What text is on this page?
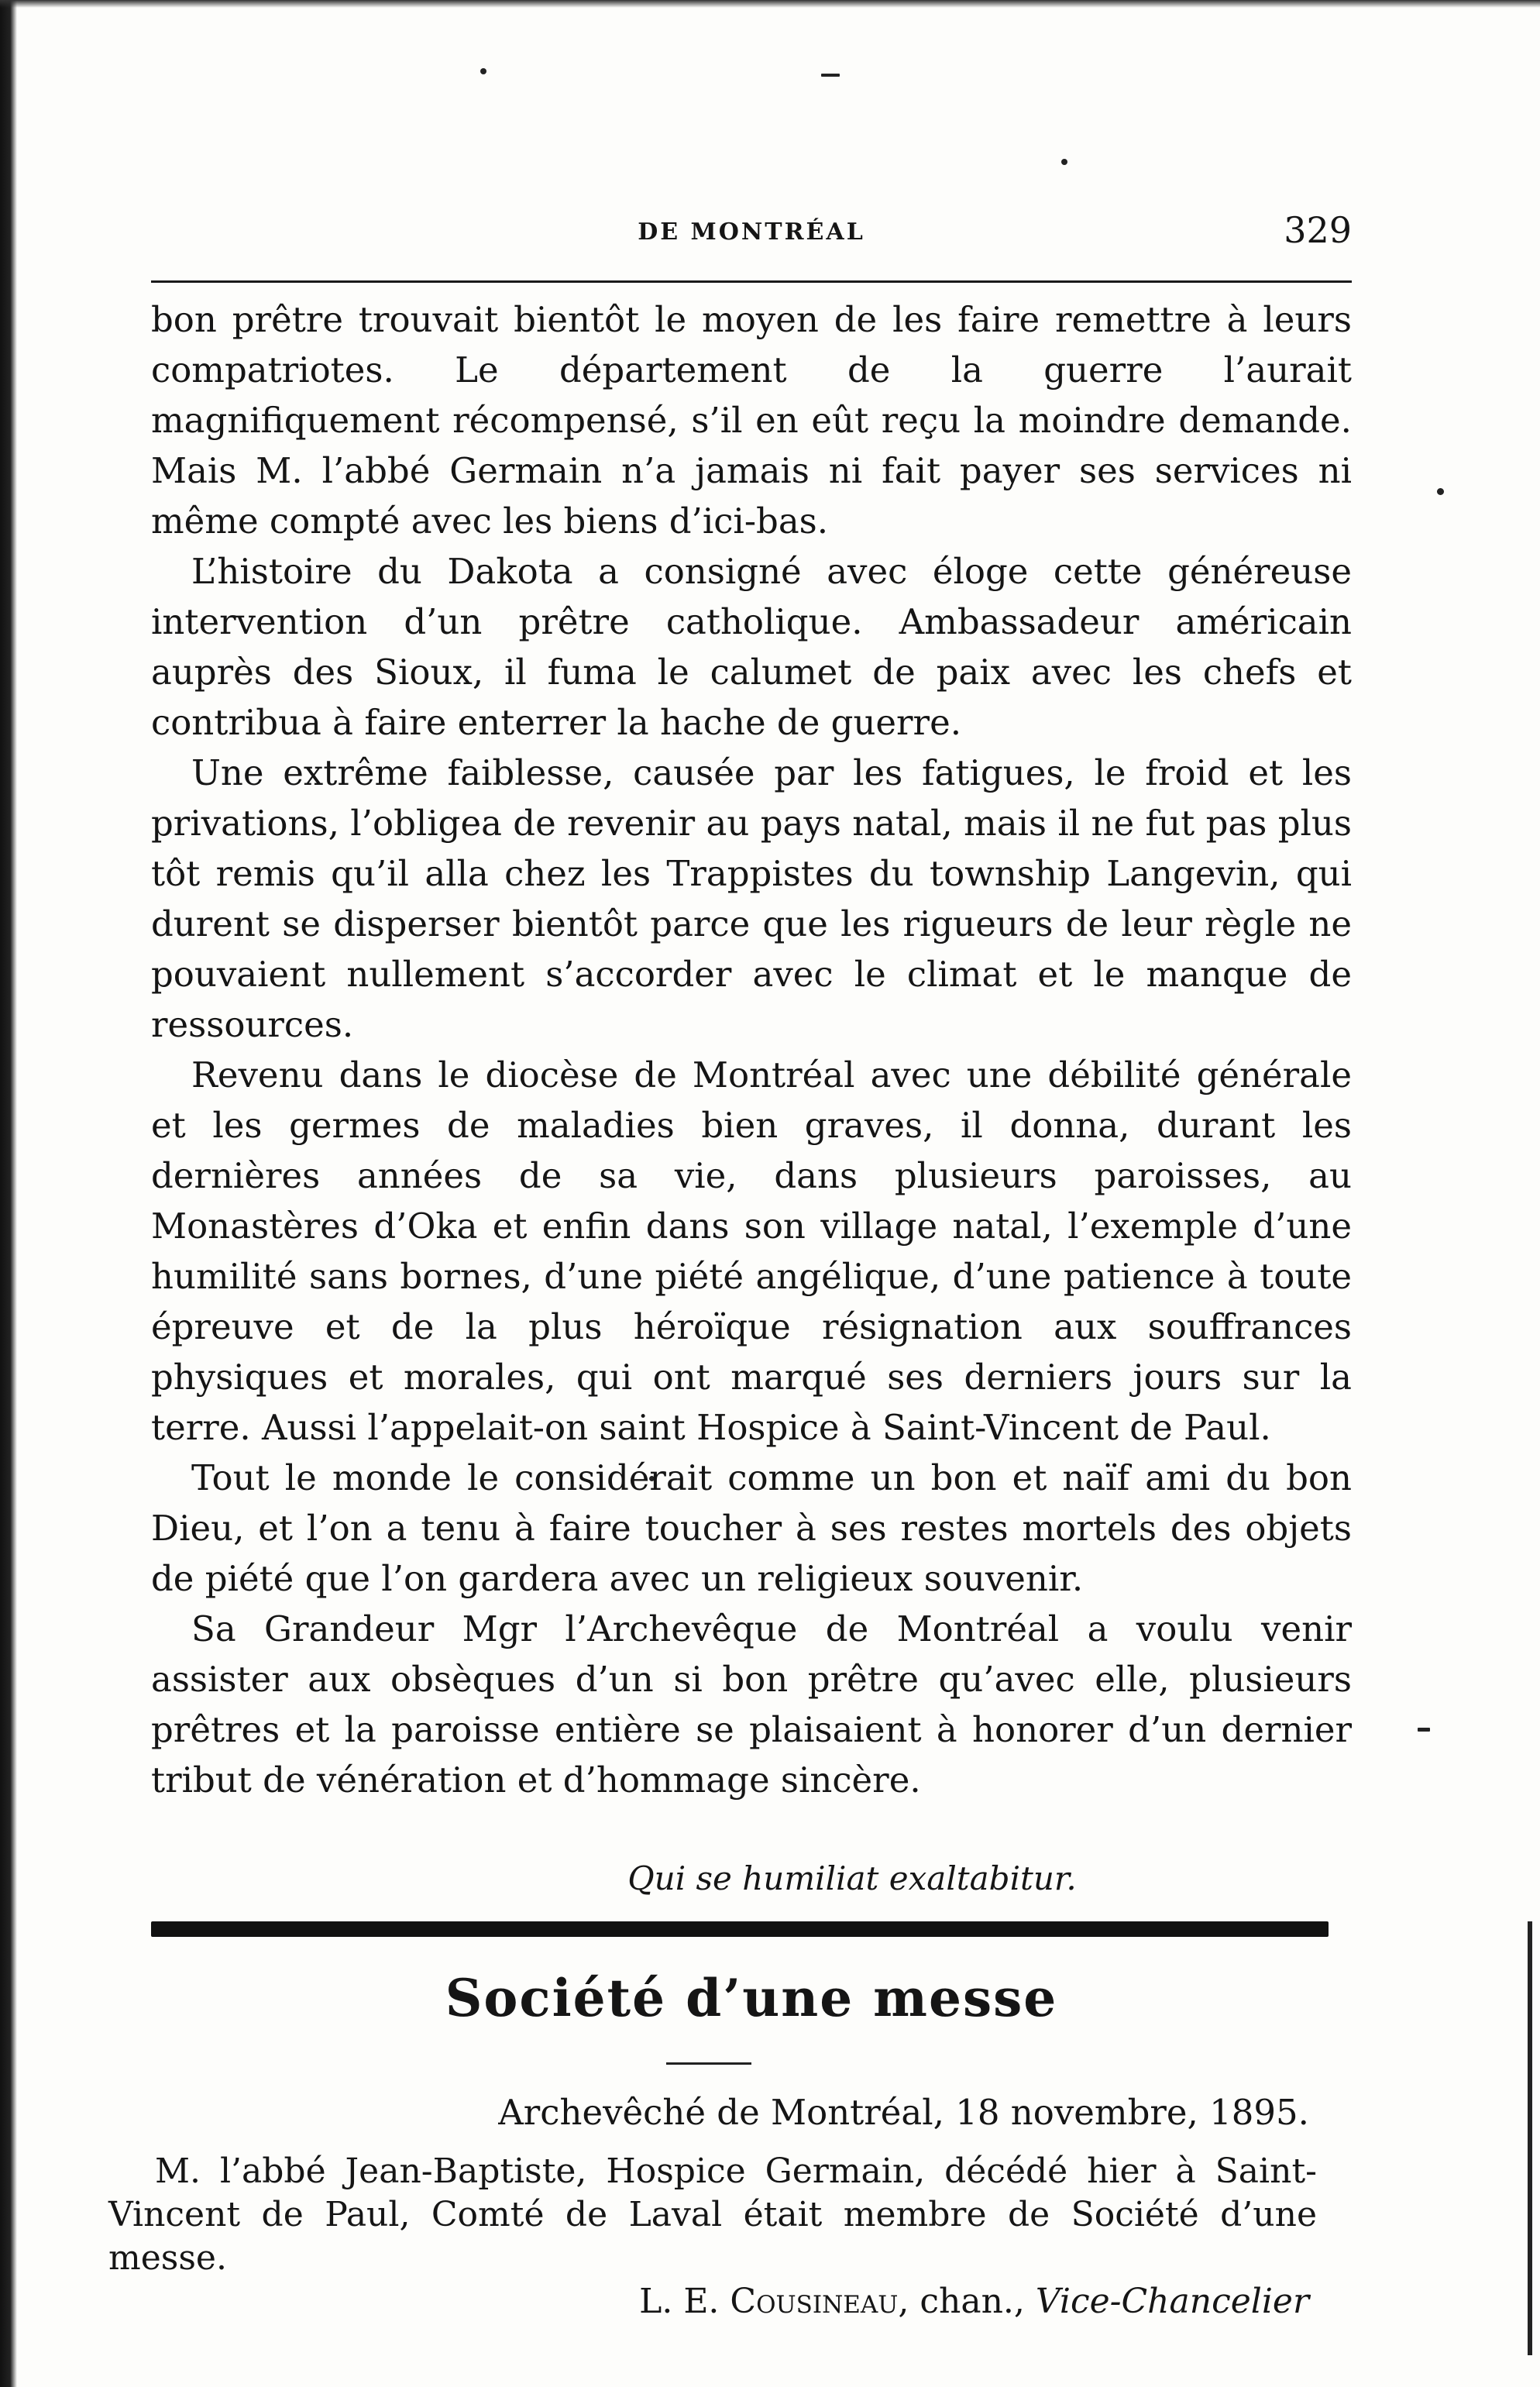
DE MONTRÉAL	329

bon prêtre trouvait bientôt le moyen de les faire remettre à leurs compatriotes. Le département de la guerre l’aurait magnifiquement récompensé, s’il en eût reçu la moindre demande. Mais M. l’abbé Germain n’a jamais ni fait payer ses services ni même compté avec les biens d’ici-bas.

L’histoire du Dakota a consigné avec éloge cette généreuse intervention d’un prêtre catholique. Ambassadeur américain auprès des Sioux, il fuma le calumet de paix avec les chefs et contribua à faire enterrer la hache de guerre.

Une extrême faiblesse, causée par les fatigues, le froid et les privations, l’obligea de revenir au pays natal, mais il ne fut pas plus tôt remis qu’il alla chez les Trappistes du township Langevin, qui durent se disperser bientôt parce que les rigueurs de leur règle ne pouvaient nullement s’accorder avec le climat et le manque de ressources.

Revenu dans le diocèse de Montréal avec une débilité générale et les germes de maladies bien graves, il donna, durant les dernières années de sa vie, dans plusieurs paroisses, au Monastères d’Oka et enfin dans son village natal, l’exemple d’une humilité sans bornes, d’une piété angélique, d’une patience à toute épreuve et de la plus héroïque résignation aux souffrances physiques et morales, qui ont marqué ses derniers jours sur la terre. Aussi l’appelait-on saint Hospice à Saint-Vincent de Paul.

Tout le monde le considérait comme un bon et naïf ami du bon Dieu, et l’on a tenu à faire toucher à ses restes mortels des objets de piété que l’on gardera avec un religieux souvenir.

Sa Grandeur Mgr l’Archevêque de Montréal a voulu venir assister aux obsèques d’un si bon prêtre qu’avec elle, plusieurs prêtres et la paroisse entière se plaisaient à honorer d’un dernier tribut de vénération et d’hommage sincère.

Qui se humiliat exaltabitur.
Société d’une messe
Archevêché de Montréal, 18 novembre, 1895.

M. l’abbé Jean-Baptiste, Hospice Germain, décédé hier à Saint-Vincent de Paul, Comté de Laval était membre de Société d’une messe.

L. E. Cousineau, chan., Vice-Chancelier
